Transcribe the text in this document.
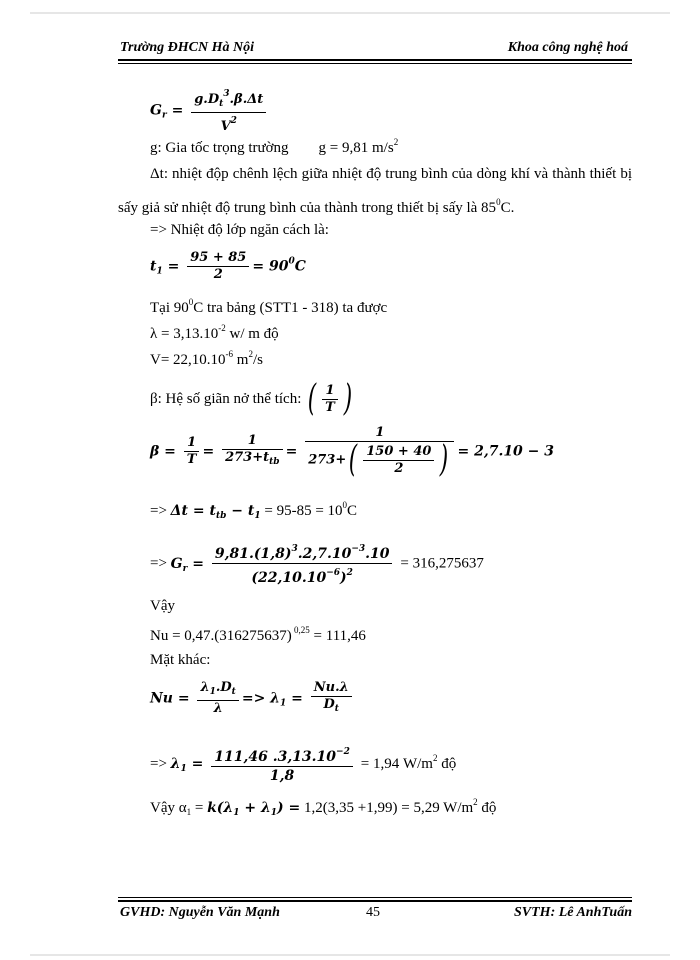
Trường ĐHCN Hà Nội	Khoa công nghệ hoá
$G_r = \frac{g.D_t^3.\beta.\Delta t}{V^2}$
g: Gia tốc trọng trường g = 9,81 $m/s^2$
Δt: nhiệt độp chênh lệch giữa nhiệt độ trung bình của dòng khí và thành thiết bị sấy giả sử nhiệt độ trung bình của thành trong thiết bị sấy là $85^0C$.
=> Nhiệt độ lớp ngăn cách là:
$t_1 = \frac{95 + 85}{2} = 90^0C$
Tại $90^0C$ tra bảng (STT1 - 318) ta được
$\lambda = 3,13.10^{-2}$ w/ m độ
$V= 22,10.10^{-6}$ $m^2/s$
β: Hệ số giãn nở thể tích: ( $\frac{1}{T}$ )
$\beta = \frac{1}{T} = \frac{1}{273+t_{tb}} = \frac{1}{273+( \frac{150 + 40}{2} )} = 2,7.10 - 3$
=> $\Delta t = t_{tb} - t_1 = 95-85 = 10^0C$
=> $G_r = \frac{9,81.(1,8)^3.2,7.10^{-3}.10}{(22,10.10^{-6})^2} = 316,275637$
Vậy
Nu = 0,47.(316275637) $^{0,25}$ = 111,46
Mặt khác:
$Nu = \frac{\lambda_1.D_t}{\lambda} => \lambda_1 = \frac{Nu.\lambda}{D_t}$
=> $\lambda_1 = \frac{111,46 .3,13.10^{-2}}{1,8} = 1,94$ $W/m^2$ độ
Vậy $\alpha_1 = k(\lambda_1 + \lambda_1) = 1,2(3,35 +1,99) = 5,29$ $W/m^2$ độ
GVHD: Nguyễn Văn Mạnh	45	SVTH: Lê AnhTuấn
